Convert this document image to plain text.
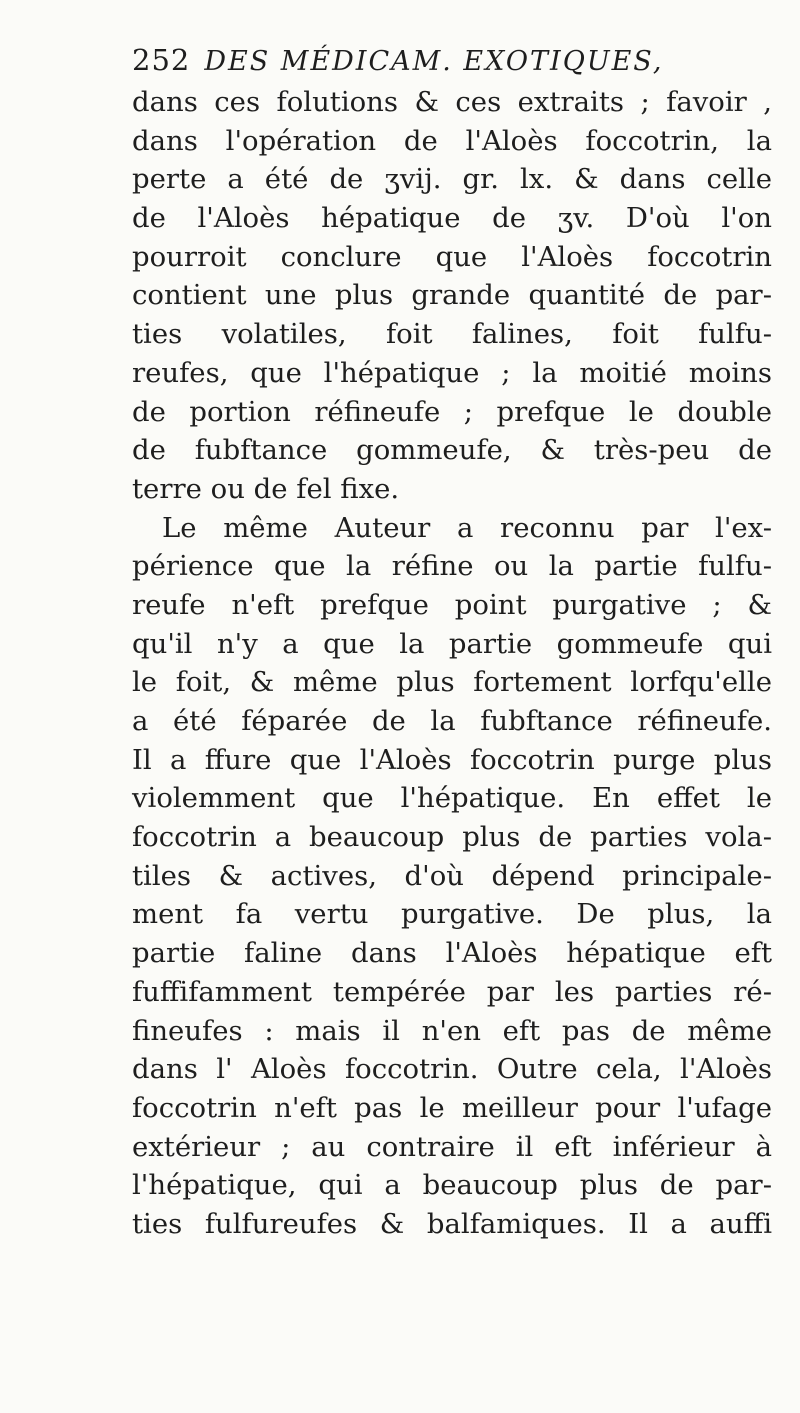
252 DES MÉDICAM. EXOTIQUES,
dans ces folutions & ces extraits ; favoir ,
dans l'opération de l'Aloès foccotrin, la
perte a été de ʒvij. gr. lx. & dans celle
de l'Aloès hépatique de ʒv. D'où l'on
pourroit conclure que l'Aloès foccotrin
contient une plus grande quantité de par-
ties volatiles, foit falines, foit fulfu-
reufes, que l'hépatique ; la moitié moins
de portion réfineufe ; prefque le double
de fubftance gommeufe, & très-peu de
terre ou de fel fixe.
Le même Auteur a reconnu par l'ex-
périence que la réfine ou la partie fulfu-
reufe n'eft prefque point purgative ; &
qu'il n'y a que la partie gommeufe qui
le foit, & même plus fortement lorfqu'elle
a été féparée de la fubftance réfineufe.
Il a ffure que l'Aloès foccotrin purge plus
violemment que l'hépatique. En effet le
foccotrin a beaucoup plus de parties vola-
tiles & actives, d'où dépend principale-
ment fa vertu purgative. De plus, la
partie faline dans l'Aloès hépatique eft
fuffifamment tempérée par les parties ré-
fineufes : mais il n'en eft pas de même
dans l' Aloès foccotrin. Outre cela, l'Aloès
foccotrin n'eft pas le meilleur pour l'ufage
extérieur ; au contraire il eft inférieur à
l'hépatique, qui a beaucoup plus de par-
ties fulfureufes & balfamiques. Il a auffi
